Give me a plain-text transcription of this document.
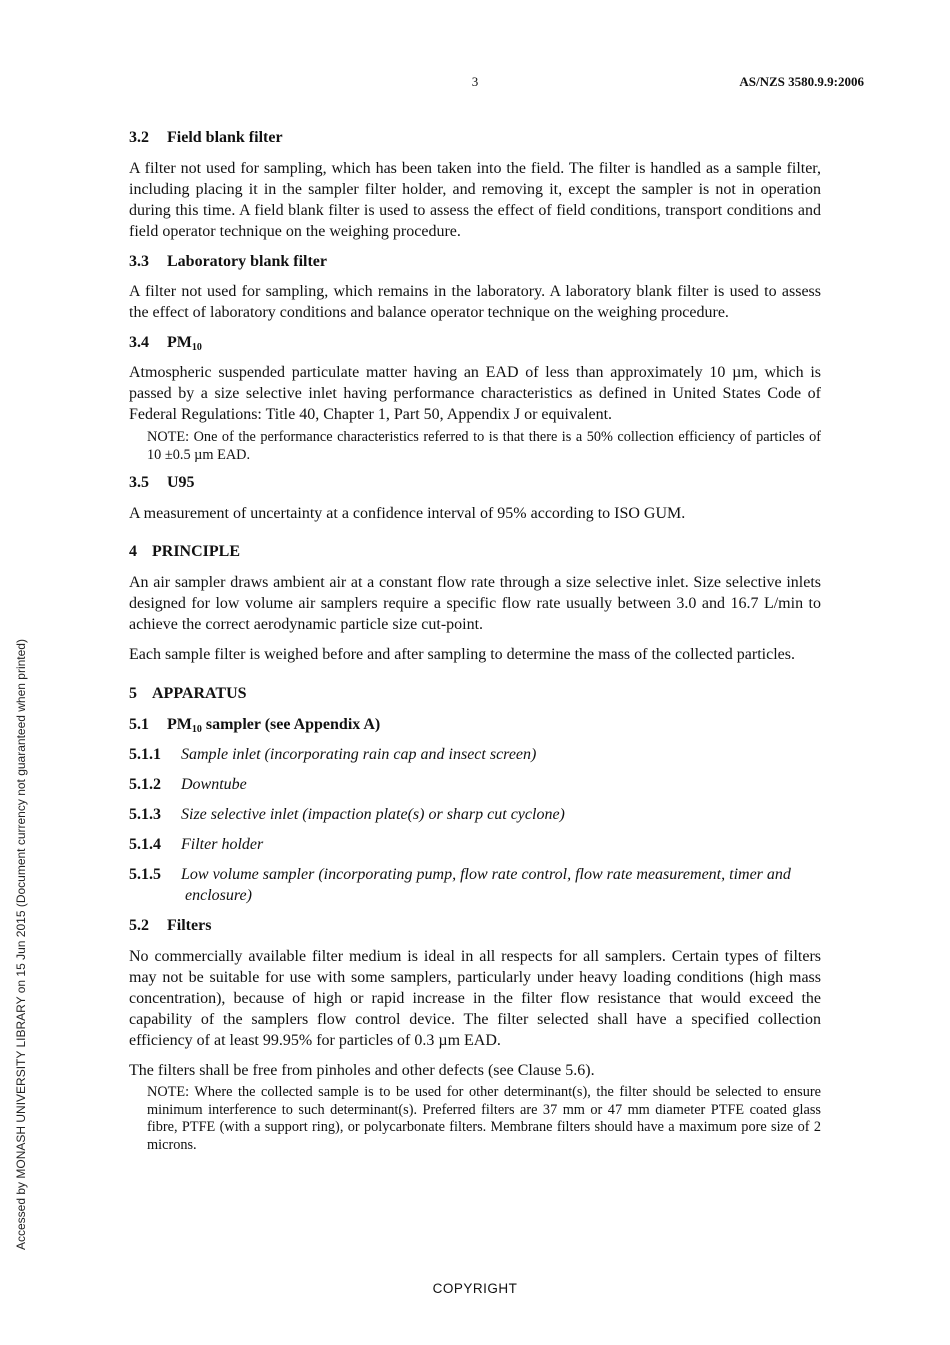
3	AS/NZS 3580.9.9:2006
Accessed by MONASH UNIVERSITY LIBRARY on 15 Jun 2015 (Document currency not guaranteed when printed)
3.2 Field blank filter

A filter not used for sampling, which has been taken into the field. The filter is handled as a sample filter, including placing it in the sampler filter holder, and removing it, except the sampler is not in operation during this time. A field blank filter is used to assess the effect of field conditions, transport conditions and field operator technique on the weighing procedure.

3.3 Laboratory blank filter

A filter not used for sampling, which remains in the laboratory. A laboratory blank filter is used to assess the effect of laboratory conditions and balance operator technique on the weighing procedure.

3.4 $PM_{10}$

Atmospheric suspended particulate matter having an EAD of less than approximately 10 µm, which is passed by a size selective inlet having performance characteristics as defined in United States Code of Federal Regulations: Title 40, Chapter 1, Part 50, Appendix J or equivalent.

NOTE: One of the performance characteristics referred to is that there is a 50% collection efficiency of particles of 10 ±0.5 µm EAD.
3.5 U95

A measurement of uncertainty at a confidence interval of 95% according to ISO GUM.

4 PRINCIPLE

An air sampler draws ambient air at a constant flow rate through a size selective inlet. Size selective inlets designed for low volume air samplers require a specific flow rate usually between 3.0 and 16.7 L/min to achieve the correct aerodynamic particle size cut-point.

Each sample filter is weighed before and after sampling to determine the mass of the collected particles.

5 APPARATUS
5.1 $PM_{10}$ sampler (see Appendix A)
5.1.1	Sample inlet (incorporating rain cap and insect screen)
5.1.2	Downtube
5.1.3	Size selective inlet (impaction plate(s) or sharp cut cyclone)
5.1.4	Filter holder
5.1.5	Low volume sampler (incorporating pump, flow rate control, flow rate measurement, timer and enclosure)
5.2 Filters

No commercially available filter medium is ideal in all respects for all samplers. Certain types of filters may not be suitable for use with some samplers, particularly under heavy loading conditions (high mass concentration), because of high or rapid increase in the filter flow resistance that would exceed the capability of the samplers flow control device. The filter selected shall have a specified collection efficiency of at least 99.95% for particles of 0.3 µm EAD.

The filters shall be free from pinholes and other defects (see Clause 5.6).

NOTE: Where the collected sample is to be used for other determinant(s), the filter should be selected to ensure minimum interference to such determinant(s). Preferred filters are 37 mm or 47 mm diameter PTFE coated glass fibre, PTFE (with a support ring), or polycarbonate filters. Membrane filters should have a maximum pore size of 2 microns.
COPYRIGHT
